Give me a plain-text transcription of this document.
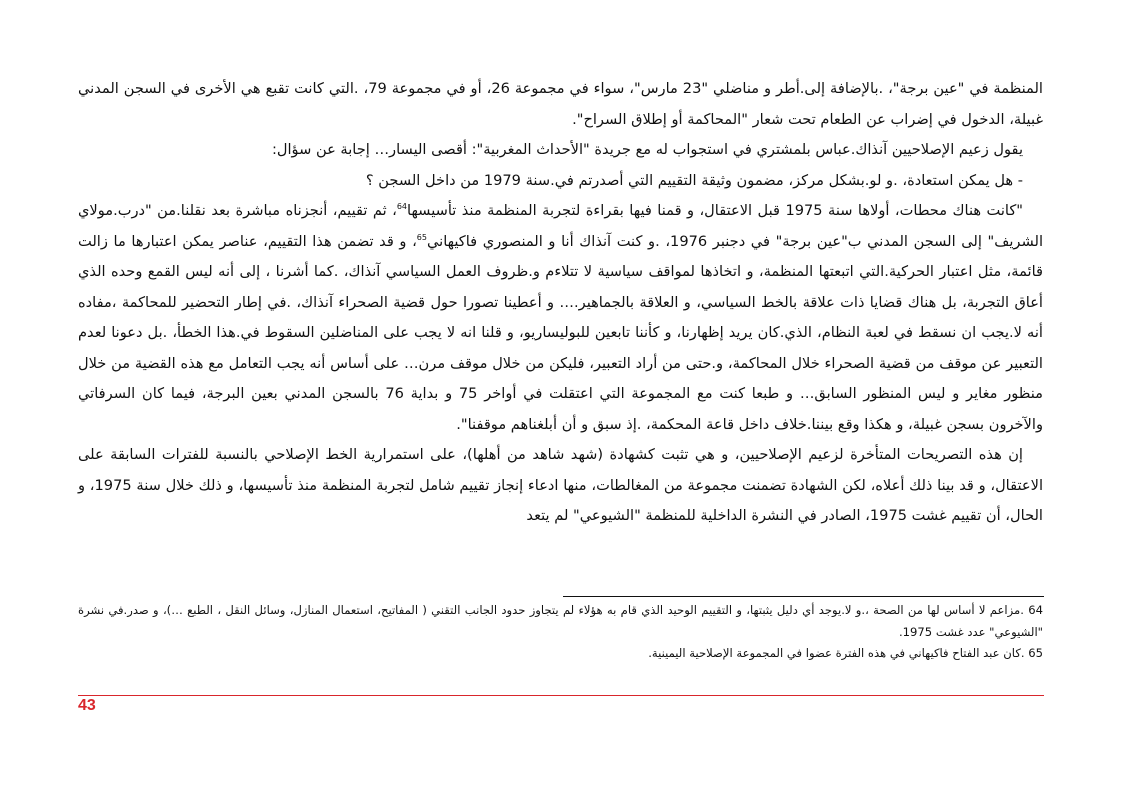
المنظمة في "عين برجة"، .بالإضافة إلى.أطر و مناضلي "23 مارس"، سواء في مجموعة 26، أو في مجموعة 79، .التي كانت تقبع هي الأخرى في السجن المدني غبيلة، الدخول في إضراب عن الطعام تحت شعار "المحاكمة أو إطلاق السراح".

يقول زعيم الإصلاحيين آنذاك.عباس بلمشتري في استجواب له مع جريدة "الأحداث المغربية": أقصى اليسار… إجابة عن سؤال:

- هل يمكن استعادة، .و لو.بشكل مركز، مضمون وثيقة التقييم التي أصدرتم في.سنة 1979 من داخل السجن ؟

"كانت هناك محطات، أولاها سنة 1975 قبل الاعتقال، و قمنا فيها بقراءة لتجربة المنظمة منذ تأسيسها$^{64}$، ثم تقييم، أنجزناه مباشرة بعد نقلنا.من "درب.مولاي الشريف" إلى السجن المدني ب"عين برجة" في دجنبر 1976، .و كنت آنذاك أنا و المنصوري فاكيهاني$^{65}$، و قد تضمن هذا التقييم، عناصر يمكن اعتبارها ما زالت قائمة، مثل اعتبار الحركية.التي اتبعتها المنظمة، و اتخاذها لمواقف سياسية لا تتلاءم و.ظروف العمل السياسي آنذاك، .كما أشرنا ، إلى أنه ليس القمع وحده الذي أعاق التجربة، بل هناك قضايا ذات علاقة بالخط السياسي، و العلاقة بالجماهير.… و أعطينا تصورا حول قضية الصحراء آنذاك، .في إطار التحضير للمحاكمة ،مفاده أنه لا.يجب ان نسقط في لعبة النظام، الذي.كان يريد إظهارنا، و كأننا تابعين للبوليساريو، و قلنا انه لا يجب على المناضلين السقوط في.هذا الخطأ، .بل دعونا لعدم التعبير عن موقف من قضية الصحراء خلال المحاكمة، و.حتى من أراد التعبير، فليكن من خلال موقف مرن… على أساس أنه يجب التعامل مع هذه القضية من خلال منظور مغاير و ليس المنظور السابق… و طبعا كنت مع المجموعة التي اعتقلت في أواخر 75 و بداية 76 بالسجن المدني بعين البرجة، فيما كان السرفاتي والآخرون بسجن غبيلة، و هكذا وقع بيننا.خلاف داخل قاعة المحكمة، .إذ سبق و أن أبلغناهم موقفنا".

إن هذه التصريحات المتأخرة لزعيم الإصلاحيين، و هي تثبت كشهادة (شهد شاهد من أهلها)، على استمرارية الخط الإصلاحي بالنسبة للفترات السابقة على الاعتقال، و قد بينا ذلك أعلاه، لكن الشهادة تضمنت مجموعة من المغالطات، منها ادعاء إنجاز تقييم شامل لتجربة المنظمة منذ تأسيسها، و ذلك خلال سنة 1975، و الحال، أن تقييم غشت 1975، الصادر في النشرة الداخلية للمنظمة "الشيوعي" لم يتعد

64 .مزاعم لا أساس لها من الصحة ،.و لا.يوجد أي دليل يثبتها، و التقييم الوحيد الذي قام به هؤلاء لم يتجاوز حدود الجانب التقني ( المفاتيح، استعمال المنازل، وسائل النقل ، الطبع …)، و صدر.في نشرة "الشيوعي" عدد غشت 1975.

65 .كان عبد الفتاح فاكيهاني في هذه الفترة عضوا في المجموعة الإصلاحية اليمينية.

43
